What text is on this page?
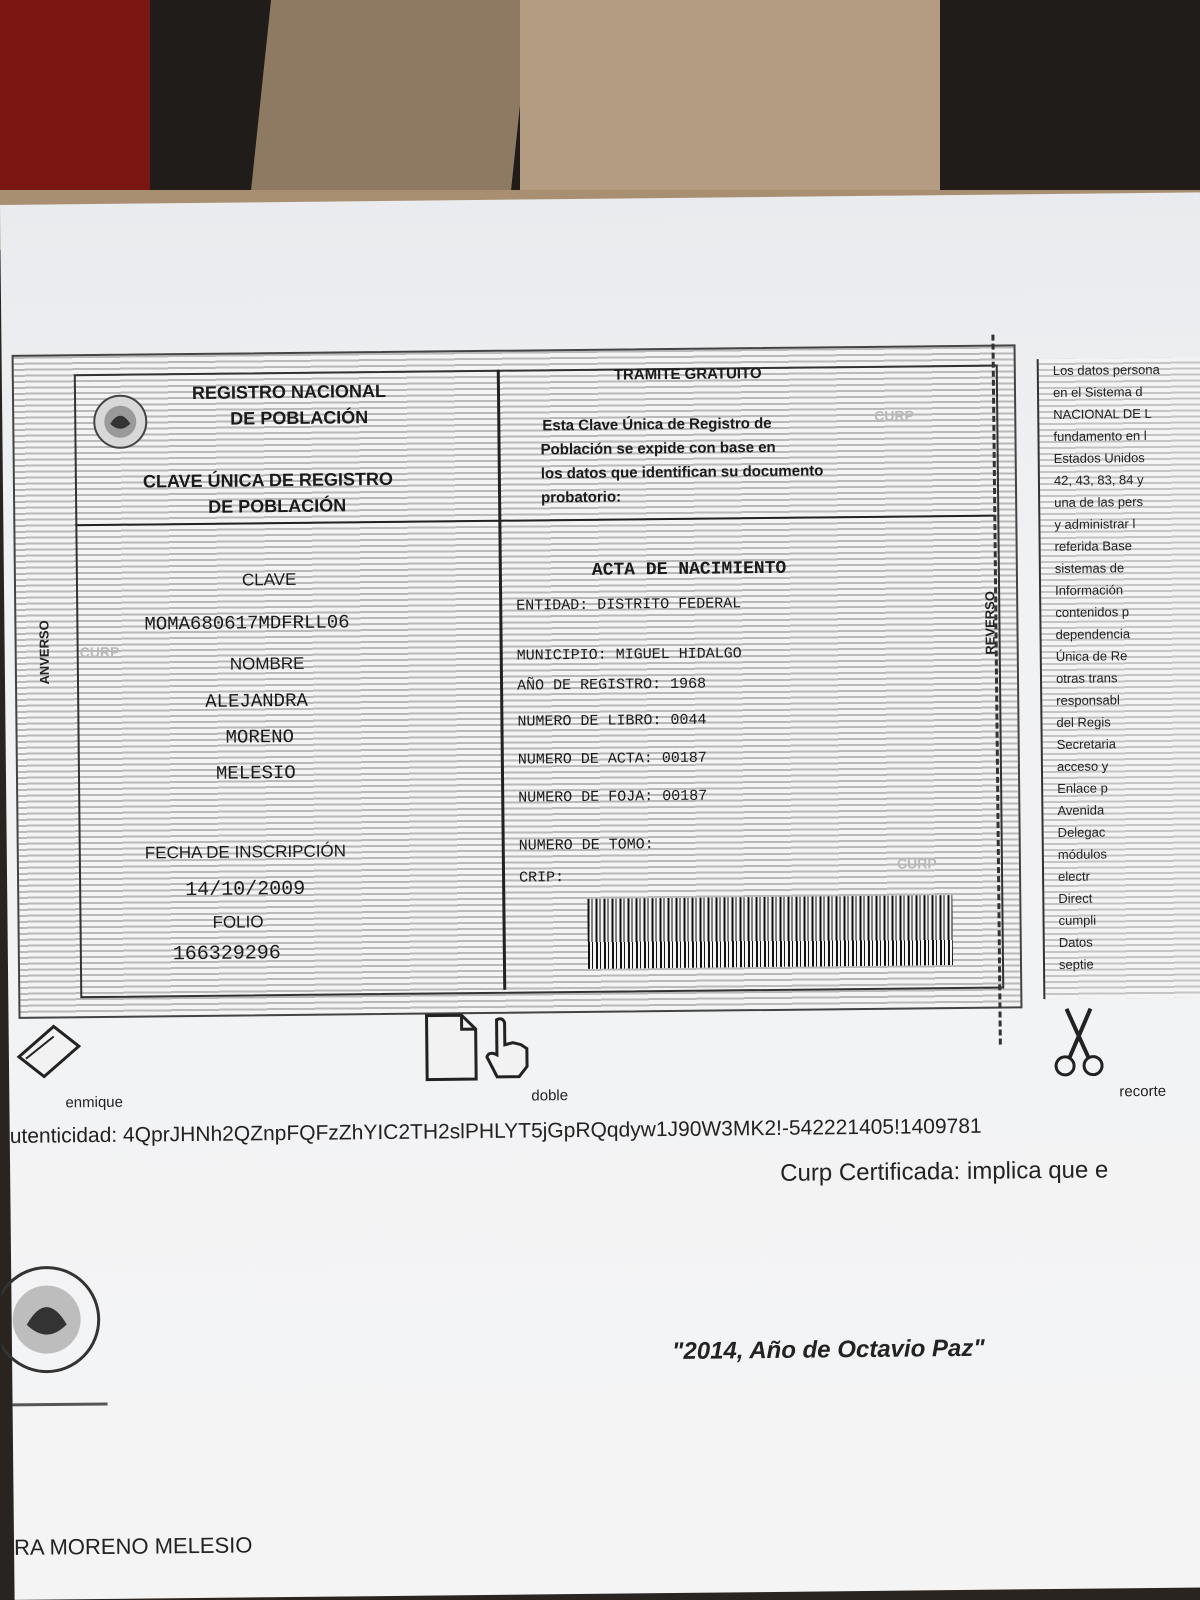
REGISTRO NACIONAL
DE POBLACIÓN
CLAVE ÚNICA DE REGISTRO
DE POBLACIÓN
TRAMITE GRATUITO
Esta Clave Única de Registro de
Población se expide con base en
los datos que identifican su documento
probatorio:
CURP
CLAVE
MOMA680617MDFRLL06
CURP
NOMBRE
ALEJANDRA
MORENO
MELESIO
FECHA DE INSCRIPCIÓN
14/10/2009
FOLIO
166329296
ACTA DE NACIMIENTO
ENTIDAD: DISTRITO FEDERAL
MUNICIPIO: MIGUEL HIDALGO
AÑO DE REGISTRO: 1968
NUMERO DE LIBRO: 0044
NUMERO DE ACTA: 00187
NUMERO DE FOJA: 00187
NUMERO DE TOMO:
CRIP:
CURP
ANVERSO	REVERSO
Los datos persona
en el Sistema d
NACIONAL DE L
fundamento en l
Estados Unidos
42, 43, 83, 84 y
una de las pers
y administrar l
referida Base
sistemas de
Información
contenidos p
dependencia
Única de Re
otras trans
responsabl
del Regis
Secretaria
acceso y
Enlace p
Avenida
Delegac
módulos
electr
Direct
cumpli
Datos
septie
enmique	doble	recorte
utenticidad: 4QprJHNh2QZnpFQFzZhYIC2TH2slPHLYT5jGpRQqdyw1J90W3MK2!-542221405!1409781
Curp Certificada: implica que e
"2014, Año de Octavio Paz"
RA MORENO MELESIO
